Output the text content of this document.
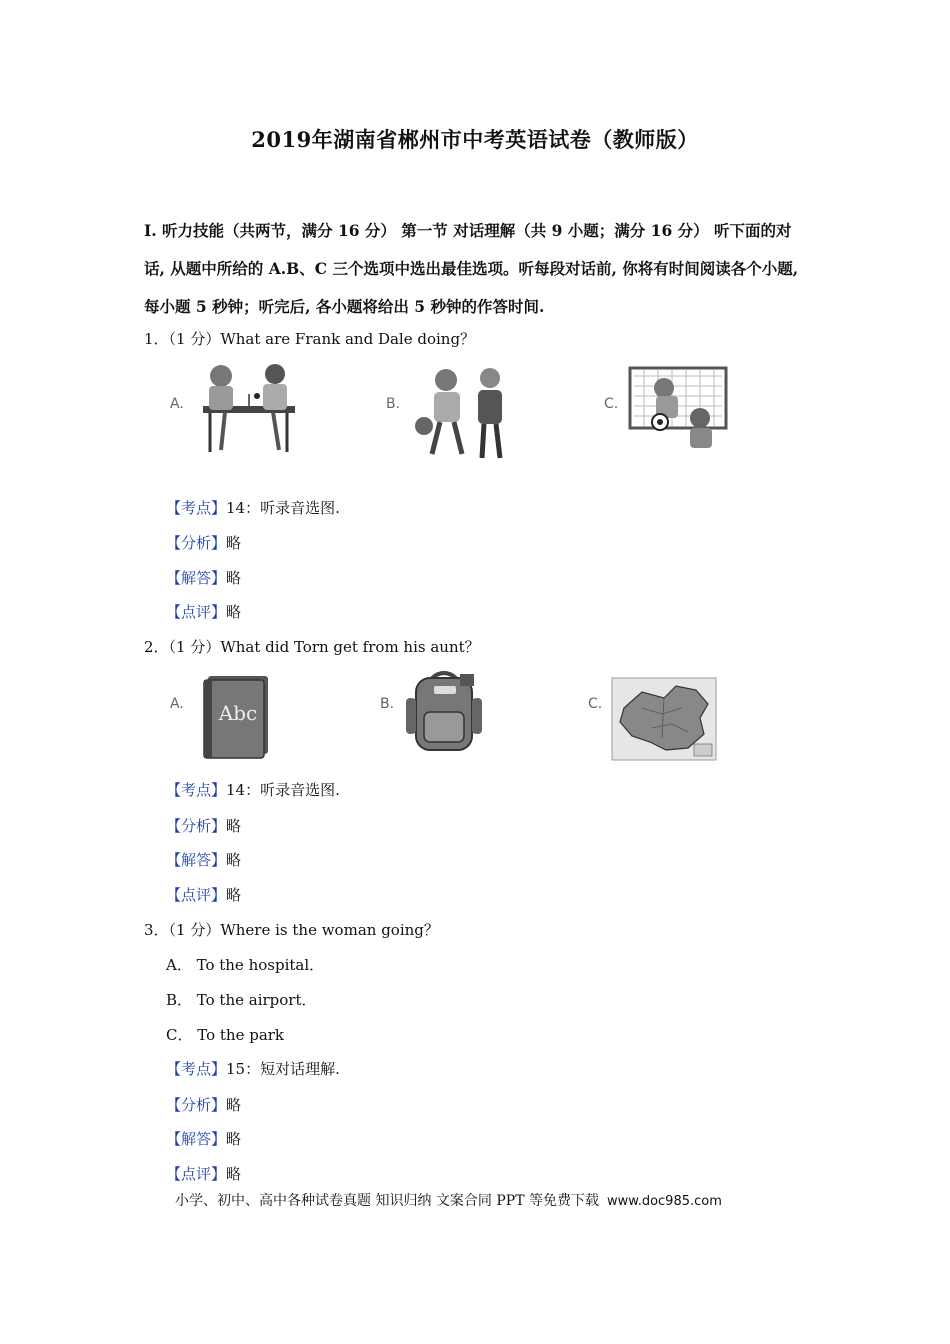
2019年湖南省郴州市中考英语试卷（教师版）
I. 听力技能（共两节，满分 16 分） 第一节 对话理解（共 9 小题；满分 16 分） 听下面的对话, 从题中所给的 A.B、C 三个选项中选出最佳选项。听每段对话前, 你将有时间阅读各个小题, 每小题 5 秒钟；听完后, 各小题将给出 5 秒钟的作答时间.
1．（1 分）What are Frank and Dale doing？
A.	B.	C.
【考点】14：听录音选图.
【分析】略
【解答】略
【点评】略
2．（1 分）What did Torn get from his aunt？
A. Abc	B.	C.
【考点】14：听录音选图.
【分析】略
【解答】略
【点评】略
3．（1 分）Where is the woman going？
A． To the hospital．
B． To the airport．
C． To the park
【考点】15：短对话理解.
【分析】略
【解答】略
【点评】略
小学、初中、高中各种试卷真题 知识归纳 文案合同 PPT 等免费下载 www.doc985.com
